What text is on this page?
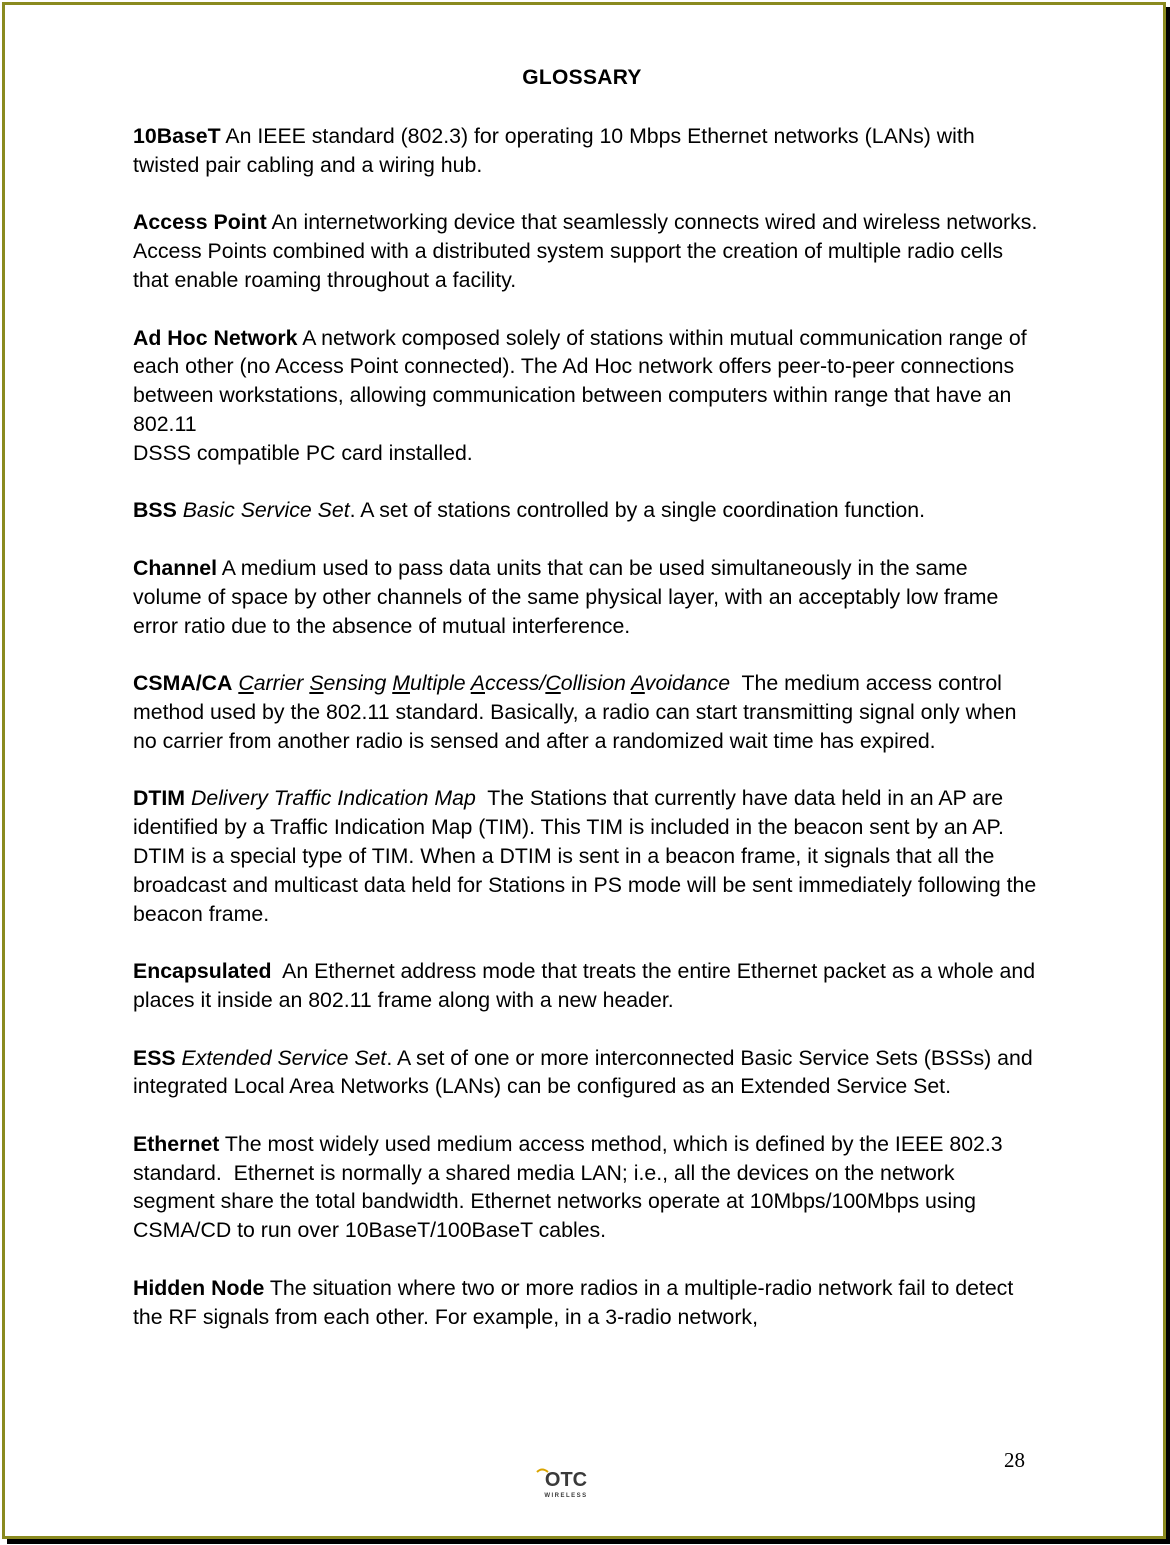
GLOSSARY

10BaseT An IEEE standard (802.3) for operating 10 Mbps Ethernet networks (LANs) with twisted pair cabling and a wiring hub.

Access Point An internetworking device that seamlessly connects wired and wireless networks. Access Points combined with a distributed system support the creation of multiple radio cells that enable roaming throughout a facility.

Ad Hoc Network A network composed solely of stations within mutual communication range of each other (no Access Point connected). The Ad Hoc network offers peer-to-peer connections between workstations, allowing communication between computers within range that have an 802.11
DSSS compatible PC card installed.

BSS Basic Service Set. A set of stations controlled by a single coordination function.

Channel A medium used to pass data units that can be used simultaneously in the same volume of space by other channels of the same physical layer, with an acceptably low frame error ratio due to the absence of mutual interference.

CSMA/CA Carrier Sensing Multiple Access/Collision Avoidance  The medium access control method used by the 802.11 standard. Basically, a radio can start transmitting signal only when no carrier from another radio is sensed and after a randomized wait time has expired.

DTIM Delivery Traffic Indication Map  The Stations that currently have data held in an AP are identified by a Traffic Indication Map (TIM). This TIM is included in the beacon sent by an AP. DTIM is a special type of TIM. When a DTIM is sent in a beacon frame, it signals that all the broadcast and multicast data held for Stations in PS mode will be sent immediately following the beacon frame.

Encapsulated  An Ethernet address mode that treats the entire Ethernet packet as a whole and places it inside an 802.11 frame along with a new header.

ESS Extended Service Set. A set of one or more interconnected Basic Service Sets (BSSs) and integrated Local Area Networks (LANs) can be configured as an Extended Service Set.

Ethernet The most widely used medium access method, which is defined by the IEEE 802.3 standard.  Ethernet is normally a shared media LAN; i.e., all the devices on the network segment share the total bandwidth. Ethernet networks operate at 10Mbps/100Mbps using CSMA/CD to run over 10BaseT/100BaseT cables.

Hidden Node The situation where two or more radios in a multiple-radio network fail to detect the RF signals from each other. For example, in a 3-radio network,

28
OTC
WIRELESS
